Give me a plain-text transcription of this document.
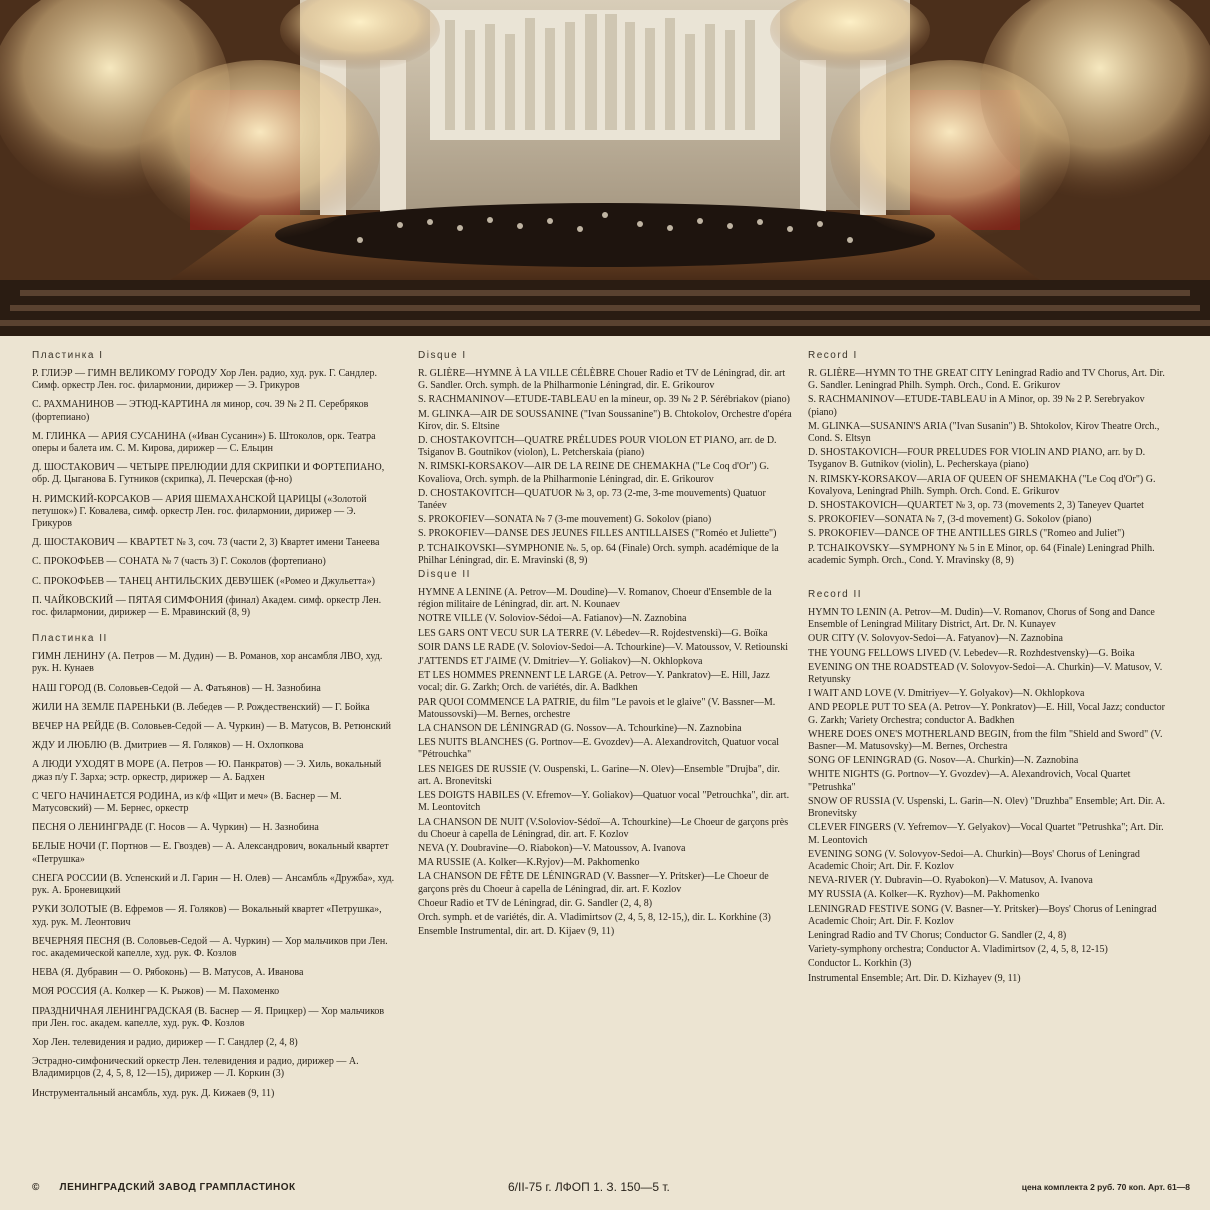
Пластинка I
Р. ГЛИЭР — ГИМН ВЕЛИКОМУ ГОРОДУ Хор Лен. радио, худ. рук. Г. Сандлер. Симф. оркестр Лен. гос. филармонии, дирижер — Э. Грикуров
С. РАХМАНИНОВ — ЭТЮД-КАРТИНА ля минор, соч. 39 № 2 П. Серебряков (фортепиано)
М. ГЛИНКА — АРИЯ СУСАНИНА («Иван Сусанин») Б. Штоколов, орк. Театра оперы и балета им. С. М. Кирова, дирижер — С. Ельцин
Д. ШОСТАКОВИЧ — ЧЕТЫРЕ ПРЕЛЮДИИ ДЛЯ СКРИПКИ И ФОРТЕПИАНО, обр. Д. Цыганова Б. Гутников (скрипка), Л. Печерская (ф-но)
Н. РИМСКИЙ-КОРСАКОВ — АРИЯ ШЕМАХАНСКОЙ ЦАРИЦЫ («Золотой петушок») Г. Ковалева, симф. оркестр Лен. гос. филармонии, дирижер — Э. Грикуров
Д. ШОСТАКОВИЧ — КВАРТЕТ № 3, соч. 73 (части 2, 3) Квартет имени Танеева
С. ПРОКОФЬЕВ — СОНАТА № 7 (часть 3) Г. Соколов (фортепиано)
С. ПРОКОФЬЕВ — ТАНЕЦ АНТИЛЬСКИХ ДЕВУШЕК («Ромео и Джульетта»)
П. ЧАЙКОВСКИЙ — ПЯТАЯ СИМФОНИЯ (финал) Академ. симф. оркестр Лен. гос. филармонии, дирижер — Е. Мравинский (8, 9)
Пластинка II
ГИМН ЛЕНИНУ (А. Петров — М. Дудин) — В. Романов, хор ансамбля ЛВО, худ. рук. Н. Кунаев
НАШ ГОРОД (В. Соловьев-Седой — А. Фатьянов) — Н. Зазнобина
ЖИЛИ НА ЗЕМЛЕ ПАРЕНЬКИ (В. Лебедев — Р. Рождественский) — Г. Бойка
ВЕЧЕР НА РЕЙДЕ (В. Соловьев-Седой — А. Чуркин) — В. Матусов, В. Ретюнский
ЖДУ И ЛЮБЛЮ (В. Дмитриев — Я. Голяков) — Н. Охлопкова
А ЛЮДИ УХОДЯТ В МОРЕ (А. Петров — Ю. Панкратов) — Э. Хиль, вокальный джаз п/у Г. Зарха; эстр. оркестр, дирижер — А. Бадхен
С ЧЕГО НАЧИНАЕТСЯ РОДИНА, из к/ф «Щит и меч» (В. Баснер — М. Матусовский) — М. Бернес, оркестр
ПЕСНЯ О ЛЕНИНГРАДЕ (Г. Носов — А. Чуркин) — Н. Зазнобина
БЕЛЫЕ НОЧИ (Г. Портнов — Е. Гвоздев) — А. Александрович, вокальный квартет «Петрушка»
СНЕГА РОССИИ (В. Успенский и Л. Гарин — Н. Олев) — Ансамбль «Дружба», худ. рук. А. Броневицкий
РУКИ ЗОЛОТЫЕ (В. Ефремов — Я. Голяков) — Вокальный квартет «Петрушка», худ. рук. М. Леонтович
ВЕЧЕРНЯЯ ПЕСНЯ (В. Соловьев-Седой — А. Чуркин) — Хор мальчиков при Лен. гос. академической капелле, худ. рук. Ф. Козлов
НЕВА (Я. Дубравин — О. Рябоконь) — В. Матусов, А. Иванова
МОЯ РОССИЯ (А. Колкер — К. Рыжов) — М. Пахоменко
ПРАЗДНИЧНАЯ ЛЕНИНГРАДСКАЯ (В. Баснер — Я. Прицкер) — Хор мальчиков при Лен. гос. академ. капелле, худ. рук. Ф. Козлов
Хор Лен. телевидения и радио, дирижер — Г. Сандлер (2, 4, 8)
Эстрадно-симфонический оркестр Лен. телевидения и радио, дирижер — А. Владимирцов (2, 4, 5, 8, 12—15), дирижер — Л. Коркин (3)
Инструментальный ансамбль, худ. рук. Д. Кижаев (9, 11)
Disque I
R. GLIÈRE—HYMNE À LA VILLE CÉLÈBRE Chouer Radio et TV de Léningrad, dir. art G. Sandler. Orch. symph. de la Philharmonie Léningrad, dir. E. Grikourov
S. RACHMANINOV—ETUDE-TABLEAU en la mineur, op. 39 № 2 P. Sérébriakov (piano)
M. GLINKA—AIR DE SOUSSANINE ("Ivan Soussanine") B. Chtokolov, Orchestre d'opéra Kirov, dir. S. Eltsine
D. CHOSTAKOVITCH—QUATRE PRÉLUDES POUR VIOLON ET PIANO, arr. de D. Tsiganov B. Goutnikov (violon), L. Petcherskaia (piano)
N. RIMSKI-KORSAKOV—AIR DE LA REINE DE CHEMAKHA ("Le Coq d'Or") G. Kovaliova, Orch. symph. de la Philharmonie Léningrad, dir. E. Grikourov
D. CHOSTAKOVITCH—QUATUOR № 3, op. 73 (2-me, 3-me mouvements) Quatuor Tanéev
S. PROKOFIEV—SONATA № 7 (3-me mouvement) G. Sokolov (piano)
S. PROKOFIEV—DANSE DES JEUNES FILLES ANTILLAISES ("Roméo et Juliette")
P. TCHAIKOVSKI—SYMPHONIE №. 5, op. 64 (Finale) Orch. symph. académique de la Philhar Léningrad, dir. E. Mravinski (8, 9)
Disque II
HYMNE A LENINE (A. Petrov—M. Doudine)—V. Romanov, Choeur d'Ensemble de la région militaire de Léningrad, dir. art. N. Kounaev
NOTRE VILLE (V. Soloviov-Sédoi—A. Fatianov)—N. Zaznobina
LES GARS ONT VECU SUR LA TERRE (V. Lébedev—R. Rojdestvenski)—G. Boïka
SOIR DANS LE RADE (V. Soloviov-Sedoi—A. Tchourkine)—V. Matoussov, V. Retiounski
J'ATTENDS ET J'AIME (V. Dmitriev—Y. Goliakov)—N. Okhlopkova
ET LES HOMMES PRENNENT LE LARGE (A. Petrov—Y. Pankratov)—E. Hill, Jazz vocal; dir. G. Zarkh; Orch. de variétés, dir. A. Badkhen
PAR QUOI COMMENCE LA PATRIE, du film "Le pavois et le glaive" (V. Bassner—M. Matoussovski)—M. Bernes, orchestre
LA CHANSON DE LÉNINGRAD (G. Nossov—A. Tchourkine)—N. Zaznobina
LES NUITS BLANCHES (G. Portnov—E. Gvozdev)—A. Alexandrovitch, Quatuor vocal "Pétrouchka"
LES NEIGES DE RUSSIE (V. Ouspenski, L. Garine—N. Olev)—Ensemble "Drujba", dir. art. A. Bronevitski
LES DOIGTS HABILES (V. Efremov—Y. Goliakov)—Quatuor vocal "Petrouchka", dir. art. M. Leontovitch
LA CHANSON DE NUIT (V.Soloviov-Sédoï—A. Tchourkine)—Le Choeur de garçons près du Choeur à capella de Léningrad, dir. art. F. Kozlov
NEVA (Y. Doubravine—O. Riabokon)—V. Matoussov, A. Ivanova
MA RUSSIE (A. Kolker—K.Ryjov)—M. Pakhomenko
LA CHANSON DE FÊTE DE LÉNINGRAD (V. Bassner—Y. Pritsker)—Le Choeur de garçons près du Choeur à capella de Léningrad, dir. art. F. Kozlov
Choeur Radio et TV de Léningrad, dir. G. Sandler (2, 4, 8)
Orch. symph. et de variétés, dir. A. Vladimirtsov (2, 4, 5, 8, 12-15,), dir. L. Korkhine (3)
Ensemble Instrumental, dir. art. D. Kijaev (9, 11)
Record I
R. GLIÈRE—HYMN TO THE GREAT CITY Leningrad Radio and TV Chorus, Art. Dir. G. Sandler. Leningrad Philh. Symph. Orch., Cond. E. Grikurov
S. RACHMANINOV—ETUDE-TABLEAU in A Minor, op. 39 № 2 P. Serebryakov (piano)
M. GLINKA—SUSANIN'S ARIA ("Ivan Susanin") B. Shtokolov, Kirov Theatre Orch., Cond. S. Eltsyn
D. SHOSTAKOVICH—FOUR PRELUDES FOR VIOLIN AND PIANO, arr. by D. Tsyganov B. Gutnikov (violin), L. Pecherskaya (piano)
N. RIMSKY-KORSAKOV—ARIA OF QUEEN OF SHEMAKHA ("Le Coq d'Or") G. Kovalyova, Leningrad Philh. Symph. Orch. Cond. E. Grikurov
D. SHOSTAKOVICH—QUARTET № 3, op. 73 (movements 2, 3) Taneyev Quartet
S. PROKOFIEV—SONATA № 7, (3-d movement) G. Sokolov (piano)
S. PROKOFIEV—DANCE OF THE ANTILLES GIRLS ("Romeo and Juliet")
P. TCHAIKOVSKY—SYMPHONY № 5 in E Minor, op. 64 (Finale) Leningrad Philh. academic Symph. Orch., Cond. Y. Mravinsky (8, 9)
Record II
HYMN TO LENIN (A. Petrov—M. Dudin)—V. Romanov, Chorus of Song and Dance Ensemble of Leningrad Military District, Art. Dr. N. Kunayev
OUR CITY (V. Solovyov-Sedoi—A. Fatyanov)—N. Zaznobina
THE YOUNG FELLOWS LIVED (V. Lebedev—R. Rozhdestvensky)—G. Boika
EVENING ON THE ROADSTEAD (V. Solovyov-Sedoi—A. Churkin)—V. Matusov, V. Retyunsky
I WAIT AND LOVE (V. Dmitriyev—Y. Golyakov)—N. Okhlopkova
AND PEOPLE PUT TO SEA (A. Petrov—Y. Ponkratov)—E. Hill, Vocal Jazz; conductor G. Zarkh; Variety Orchestra; conductor A. Badkhen
WHERE DOES ONE'S MOTHERLAND BEGIN, from the film "Shield and Sword" (V. Basner—M. Matusovsky)—M. Bernes, Orchestra
SONG OF LENINGRAD (G. Nosov—A. Churkin)—N. Zaznobina
WHITE NIGHTS (G. Portnov—Y. Gvozdev)—A. Alexandrovich, Vocal Quartet "Petrushka"
SNOW OF RUSSIA (V. Uspenski, L. Garin—N. Olev) "Druzhba" Ensemble; Art. Dir. A. Bronevitsky
CLEVER FINGERS (V. Yefremov—Y. Gelyakov)—Vocal Quartet "Petrushka"; Art. Dir. M. Leontovich
EVENING SONG (V. Solovyov-Sedoi—A. Churkin)—Boys' Chorus of Leningrad Academic Choir; Art. Dir. F. Kozlov
NEVA-RIVER (Y. Dubravin—O. Ryabokon)—V. Matusov, A. Ivanova
MY RUSSIA (A. Kolker—K. Ryzhov)—M. Pakhomenko
LENINGRAD FESTIVE SONG (V. Basner—Y. Pritsker)—Boys' Chorus of Leningrad Academic Choir; Art. Dir. F. Kozlov
Leningrad Radio and TV Chorus; Conductor G. Sandler (2, 4, 8)
Variety-symphony orchestra; Conductor A. Vladimirtsov (2, 4, 5, 8, 12-15)
Conductor L. Korkhin (3)
Instrumental Ensemble; Art. Dir. D. Kizhayev (9, 11)
© ЛЕНИНГРАДСКИЙ ЗАВОД ГРАМПЛАСТИНОК	6/II-75 г. ЛФОП 1. З. 150—5 т.	цена комплекта 2 руб. 70 коп. Арт. 61—8
